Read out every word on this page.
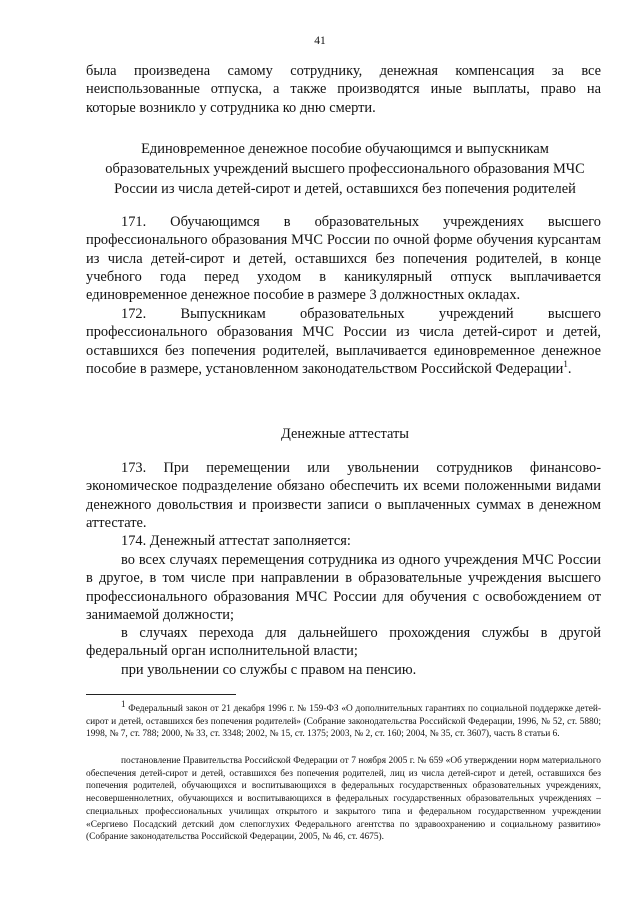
41
была произведена самому сотруднику, денежная компенсация за все
неиспользованные отпуска, а также производятся иные выплаты, право на
которые возникло у сотрудника ко дню смерти.
Единовременное денежное пособие обучающимся и выпускникам
образовательных учреждений высшего профессионального образования МЧС
России из числа детей-сирот и детей, оставшихся без попечения родителей
171. Обучающимся в образовательных учреждениях высшего профессионального образования МЧС России по очной форме обучения курсантам из числа детей-сирот и детей, оставшихся без попечения родителей, в конце учебного года перед уходом в каникулярный отпуск выплачивается единовременное денежное пособие в размере 3 должностных окладах.
172. Выпускникам образовательных учреждений высшего профессионального образования МЧС России из числа детей-сирот и детей, оставшихся без попечения родителей, выплачивается единовременное денежное пособие в размере, установленном законодательством Российской Федерации$^1$.
Денежные аттестаты
173. При перемещении или увольнении сотрудников финансово-экономическое подразделение обязано обеспечить их всеми положенными видами денежного довольствия и произвести записи о выплаченных суммах в денежном аттестате.
174. Денежный аттестат заполняется:
во всех случаях перемещения сотрудника из одного учреждения МЧС России в другое, в том числе при направлении в образовательные учреждения высшего профессионального образования МЧС России для обучения с освобождением от занимаемой должности;
в случаях перехода для дальнейшего прохождения службы в другой федеральный орган исполнительной власти;
при увольнении со службы с правом на пенсию.
1 Федеральный закон от 21 декабря 1996 г. № 159-ФЗ «О дополнительных гарантиях по социальной поддержке детей-сирот и детей, оставшихся без попечения родителей» (Собрание законодательства Российской Федерации, 1996, № 52, ст. 5880; 1998, № 7, ст. 788; 2000, № 33, ст. 3348; 2002, № 15, ст. 1375; 2003, № 2, ст. 160; 2004, № 35, ст. 3607), часть 8 статьи 6.
постановление Правительства Российской Федерации от 7 ноября 2005 г. № 659 «Об утверждении норм материального обеспечения детей-сирот и детей, оставшихся без попечения родителей, лиц из числа детей-сирот и детей, оставшихся без попечения родителей, обучающихся и воспитывающихся в федеральных государственных образовательных учреждениях, несовершеннолетних, обучающихся и воспитывающихся в федеральных государственных образовательных учреждениях – специальных профессиональных училищах открытого и закрытого типа и федеральном государственном учреждении «Сергиево Посадский детский дом слепоглухих Федерального агентства по здравоохранению и социальному развитию» (Собрание законодательства Российской Федерации, 2005, № 46, ст. 4675).
